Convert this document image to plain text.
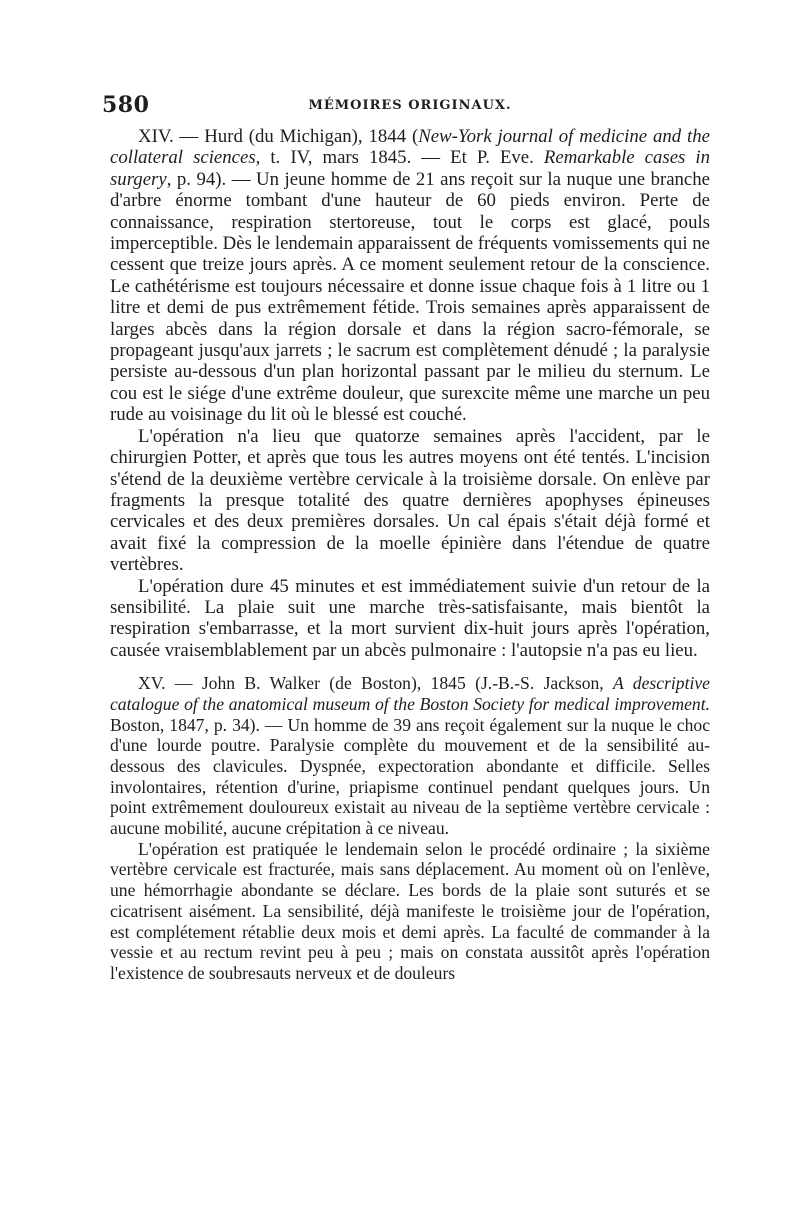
580	MÉMOIRES ORIGINAUX.

XIV. — Hurd (du Michigan), 1844 (New-York journal of medicine and the collateral sciences, t. IV, mars 1845. — Et P. Eve. Remarkable cases in surgery, p. 94). — Un jeune homme de 21 ans reçoit sur la nuque une branche d'arbre énorme tombant d'une hauteur de 60 pieds environ. Perte de connaissance, respiration stertoreuse, tout le corps est glacé, pouls imperceptible. Dès le lendemain apparaissent de fréquents vomissements qui ne cessent que treize jours après. A ce moment seulement retour de la conscience. Le cathétérisme est toujours nécessaire et donne issue chaque fois à 1 litre ou 1 litre et demi de pus extrêmement fétide. Trois semaines après apparaissent de larges abcès dans la région dorsale et dans la région sacro-fémorale, se propageant jusqu'aux jarrets ; le sacrum est complètement dénudé ; la paralysie persiste au-dessous d'un plan horizontal passant par le milieu du sternum. Le cou est le siége d'une extrême douleur, que surexcite même une marche un peu rude au voisinage du lit où le blessé est couché.

L'opération n'a lieu que quatorze semaines après l'accident, par le chirurgien Potter, et après que tous les autres moyens ont été tentés. L'incision s'étend de la deuxième vertèbre cervicale à la troisième dorsale. On enlève par fragments la presque totalité des quatre dernières apophyses épineuses cervicales et des deux premières dorsales. Un cal épais s'était déjà formé et avait fixé la compression de la moelle épinière dans l'étendue de quatre vertèbres.

L'opération dure 45 minutes et est immédiatement suivie d'un retour de la sensibilité. La plaie suit une marche très-satisfaisante, mais bientôt la respiration s'embarrasse, et la mort survient dix-huit jours après l'opération, causée vraisemblablement par un abcès pulmonaire : l'autopsie n'a pas eu lieu.

XV. — John B. Walker (de Boston), 1845 (J.-B.-S. Jackson, A descriptive catalogue of the anatomical museum of the Boston Society for medical improvement. Boston, 1847, p. 34). — Un homme de 39 ans reçoit également sur la nuque le choc d'une lourde poutre. Paralysie complète du mouvement et de la sensibilité au-dessous des clavicules. Dyspnée, expectoration abondante et difficile. Selles involontaires, rétention d'urine, priapisme continuel pendant quelques jours. Un point extrêmement douloureux existait au niveau de la septième vertèbre cervicale : aucune mobilité, aucune crépitation à ce niveau.

L'opération est pratiquée le lendemain selon le procédé ordinaire ; la sixième vertèbre cervicale est fracturée, mais sans déplacement. Au moment où on l'enlève, une hémorrhagie abondante se déclare. Les bords de la plaie sont suturés et se cicatrisent aisément. La sensibilité, déjà manifeste le troisième jour de l'opération, est complétement rétablie deux mois et demi après. La faculté de commander à la vessie et au rectum revint peu à peu ; mais on constata aussitôt après l'opération l'existence de soubresauts nerveux et de douleurs
